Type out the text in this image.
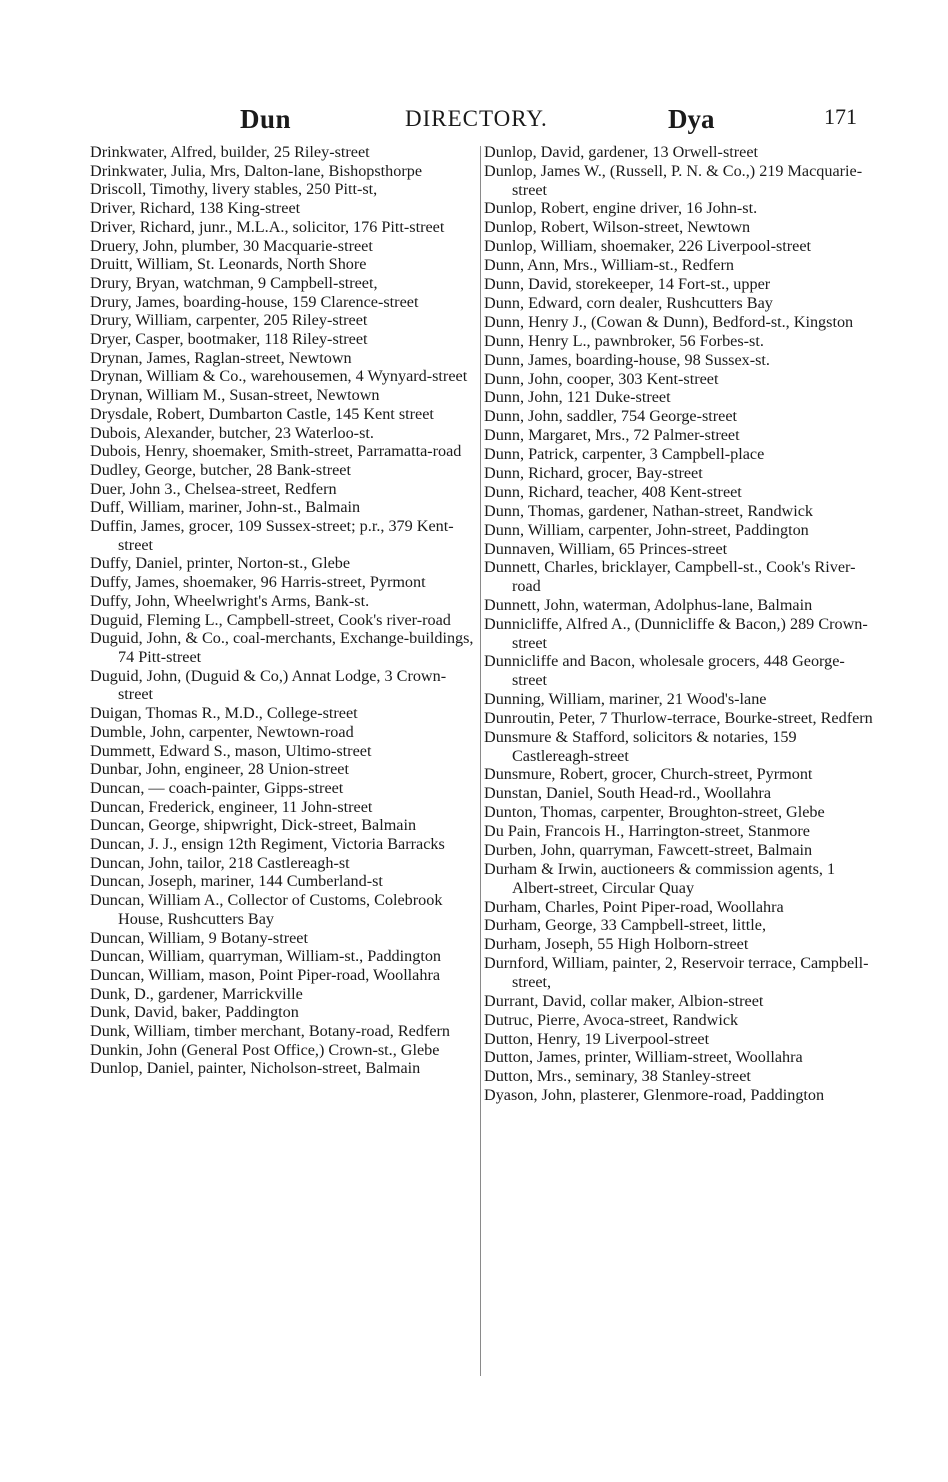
Dun	DIRECTORY.	Dya	171

Drinkwater, Alfred, builder, 25 Riley-street

Drinkwater, Julia, Mrs, Dalton-lane, Bishopsthorpe

Driscoll, Timothy, livery stables, 250 Pitt-st,

Driver, Richard, 138 King-street

Driver, Richard, junr., M.L.A., solicitor, 176 Pitt-street

Druery, John, plumber, 30 Macquarie-street

Druitt, William, St. Leonards, North Shore

Drury, Bryan, watchman, 9 Campbell-street,

Drury, James, boarding-house, 159 Clarence-street

Drury, William, carpenter, 205 Riley-street

Dryer, Casper, bootmaker, 118 Riley-street

Drynan, James, Raglan-street, Newtown

Drynan, William & Co., warehousemen, 4 Wynyard-street

Drynan, William M., Susan-street, Newtown

Drysdale, Robert, Dumbarton Castle, 145 Kent street

Dubois, Alexander, butcher, 23 Waterloo-st.

Dubois, Henry, shoemaker, Smith-street, Parramatta-road

Dudley, George, butcher, 28 Bank-street

Duer, John 3., Chelsea-street, Redfern

Duff, William, mariner, John-st., Balmain

Duffin, James, grocer, 109 Sussex-street; p.r., 379 Kent-street

Duffy, Daniel, printer, Norton-st., Glebe

Duffy, James, shoemaker, 96 Harris-street, Pyrmont

Duffy, John, Wheelwright's Arms, Bank-st.

Duguid, Fleming L., Campbell-street, Cook's river-road

Duguid, John, & Co., coal-merchants, Exchange-buildings, 74 Pitt-street

Duguid, John, (Duguid & Co,) Annat Lodge, 3 Crown-street

Duigan, Thomas R., M.D., College-street

Dumble, John, carpenter, Newtown-road

Dummett, Edward S., mason, Ultimo-street

Dunbar, John, engineer, 28 Union-street

Duncan, — coach-painter, Gipps-street

Duncan, Frederick, engineer, 11 John-street

Duncan, George, shipwright, Dick-street, Balmain

Duncan, J. J., ensign 12th Regiment, Victoria Barracks

Duncan, John, tailor, 218 Castlereagh-st

Duncan, Joseph, mariner, 144 Cumberland-st

Duncan, William A., Collector of Customs, Colebrook House, Rushcutters Bay

Duncan, William, 9 Botany-street

Duncan, William, quarryman, William-st., Paddington

Duncan, William, mason, Point Piper-road, Woollahra

Dunk, D., gardener, Marrickville

Dunk, David, baker, Paddington

Dunk, William, timber merchant, Botany-road, Redfern

Dunkin, John (General Post Office,) Crown-st., Glebe

Dunlop, Daniel, painter, Nicholson-street, Balmain

Dunlop, David, gardener, 13 Orwell-street

Dunlop, James W., (Russell, P. N. & Co.,) 219 Macquarie-street

Dunlop, Robert, engine driver, 16 John-st.

Dunlop, Robert, Wilson-street, Newtown

Dunlop, William, shoemaker, 226 Liverpool-street

Dunn, Ann, Mrs., William-st., Redfern

Dunn, David, storekeeper, 14 Fort-st., upper

Dunn, Edward, corn dealer, Rushcutters Bay

Dunn, Henry J., (Cowan & Dunn), Bedford-st., Kingston

Dunn, Henry L., pawnbroker, 56 Forbes-st.

Dunn, James, boarding-house, 98 Sussex-st.

Dunn, John, cooper, 303 Kent-street

Dunn, John, 121 Duke-street

Dunn, John, saddler, 754 George-street

Dunn, Margaret, Mrs., 72 Palmer-street

Dunn, Patrick, carpenter, 3 Campbell-place

Dunn, Richard, grocer, Bay-street

Dunn, Richard, teacher, 408 Kent-street

Dunn, Thomas, gardener, Nathan-street, Randwick

Dunn, William, carpenter, John-street, Paddington

Dunnaven, William, 65 Princes-street

Dunnett, Charles, bricklayer, Campbell-st., Cook's River-road

Dunnett, John, waterman, Adolphus-lane, Balmain

Dunnicliffe, Alfred A., (Dunnicliffe & Bacon,) 289 Crown-street

Dunnicliffe and Bacon, wholesale grocers, 448 George-street

Dunning, William, mariner, 21 Wood's-lane

Dunroutin, Peter, 7 Thurlow-terrace, Bourke-street, Redfern

Dunsmure & Stafford, solicitors & notaries, 159 Castlereagh-street

Dunsmure, Robert, grocer, Church-street, Pyrmont

Dunstan, Daniel, South Head-rd., Woollahra

Dunton, Thomas, carpenter, Broughton-street, Glebe

Du Pain, Francois H., Harrington-street, Stanmore

Durben, John, quarryman, Fawcett-street, Balmain

Durham & Irwin, auctioneers & commission agents, 1 Albert-street, Circular Quay

Durham, Charles, Point Piper-road, Woollahra

Durham, George, 33 Campbell-street, little,

Durham, Joseph, 55 High Holborn-street

Durnford, William, painter, 2, Reservoir terrace, Campbell-street,

Durrant, David, collar maker, Albion-street

Dutruc, Pierre, Avoca-street, Randwick

Dutton, Henry, 19 Liverpool-street

Dutton, James, printer, William-street, Woollahra

Dutton, Mrs., seminary, 38 Stanley-street

Dyason, John, plasterer, Glenmore-road, Paddington
